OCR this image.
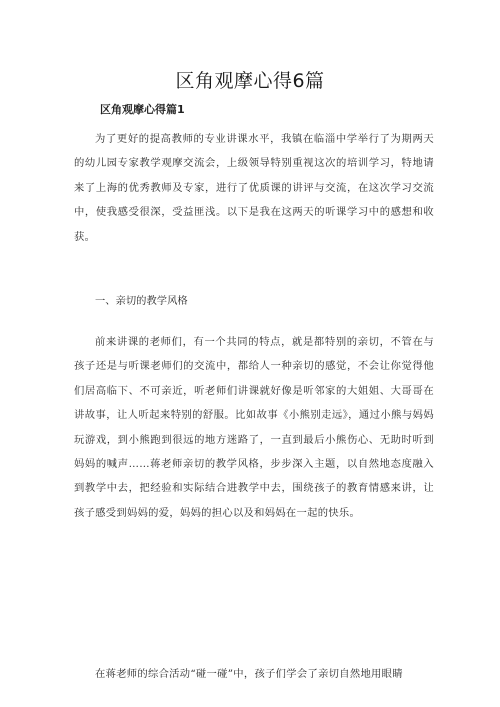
区角观摩心得6篇
区角观摩心得篇1

为了更好的提高教师的专业讲课水平，我镇在临淄中学举行了为期两天的幼儿园专家教学观摩交流会，上级领导特别重视这次的培训学习，特地请来了上海的优秀教师及专家，进行了优质课的讲评与交流，在这次学习交流中，使我感受很深，受益匪浅。以下是我在这两天的听课学习中的感想和收获。

一、亲切的教学风格

前来讲课的老师们，有一个共同的特点，就是都特别的亲切，不管在与孩子还是与听课老师们的交流中，都给人一种亲切的感觉，不会让你觉得他们居高临下、不可亲近，听老师们讲课就好像是听邻家的大姐姐、大哥哥在讲故事，让人听起来特别的舒服。比如故事《小熊别走远》，通过小熊与妈妈玩游戏，到小熊跑到很远的地方迷路了，一直到最后小熊伤心、无助时听到妈妈的喊声……蒋老师亲切的教学风格，步步深入主题，以自然地态度融入到教学中去，把经验和实际结合进教学中去，围绕孩子的教育情感来讲，让孩子感受到妈妈的爱，妈妈的担心以及和妈妈在一起的快乐。

在蒋老师的综合活动“碰一碰”中，孩子们学会了亲切自然地用眼睛
